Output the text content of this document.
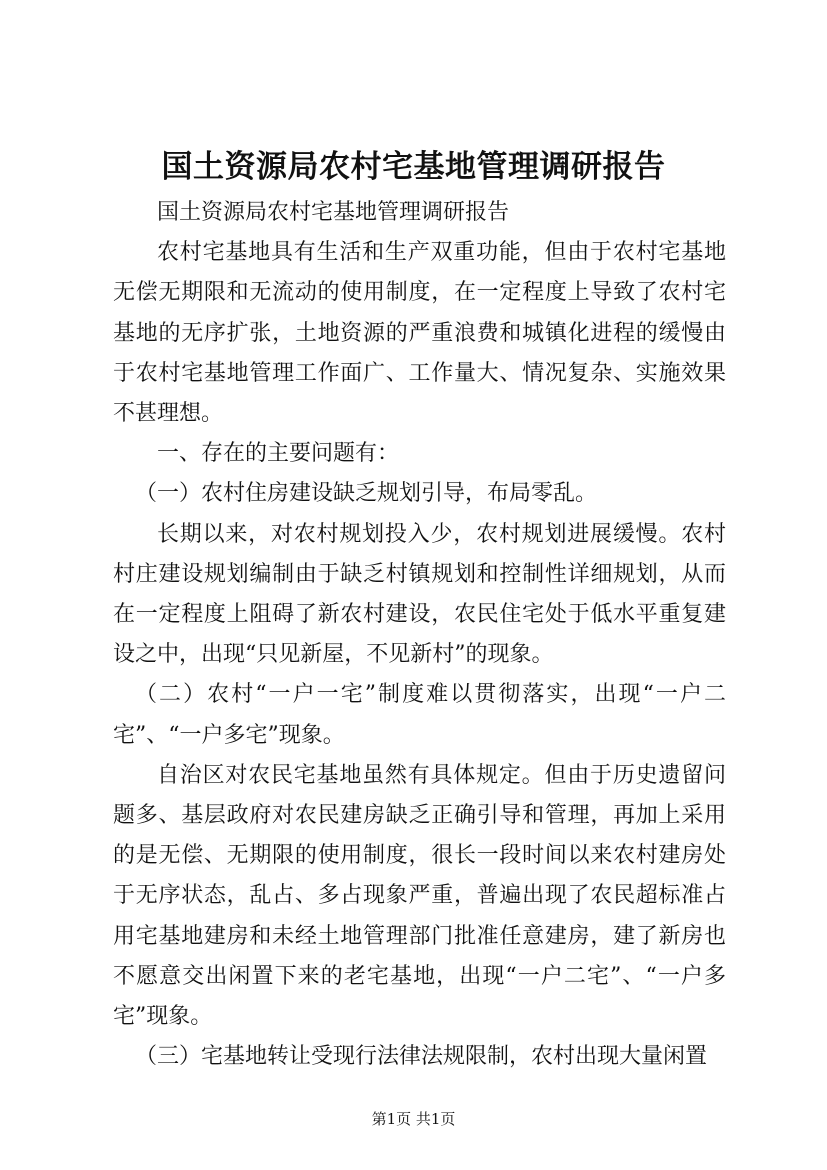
国土资源局农村宅基地管理调研报告

国土资源局农村宅基地管理调研报告

农村宅基地具有生活和生产双重功能，但由于农村宅基地无偿无期限和无流动的使用制度，在一定程度上导致了农村宅基地的无序扩张，土地资源的严重浪费和城镇化进程的缓慢由于农村宅基地管理工作面广、工作量大、情况复杂、实施效果不甚理想。

一、存在的主要问题有：

（一）农村住房建设缺乏规划引导，布局零乱。

长期以来，对农村规划投入少，农村规划进展缓慢。农村村庄建设规划编制由于缺乏村镇规划和控制性详细规划，从而在一定程度上阻碍了新农村建设，农民住宅处于低水平重复建设之中，出现“只见新屋，不见新村”的现象。

（二）农村“一户一宅”制度难以贯彻落实，出现“一户二宅”、“一户多宅”现象。

自治区对农民宅基地虽然有具体规定。但由于历史遗留问题多、基层政府对农民建房缺乏正确引导和管理，再加上采用的是无偿、无期限的使用制度，很长一段时间以来农村建房处于无序状态，乱占、多占现象严重，普遍出现了农民超标准占用宅基地建房和未经土地管理部门批准任意建房，建了新房也不愿意交出闲置下来的老宅基地，出现“一户二宅”、“一户多宅”现象。

（三）宅基地转让受现行法律法规限制，农村出现大量闲置

第1页 共1页
